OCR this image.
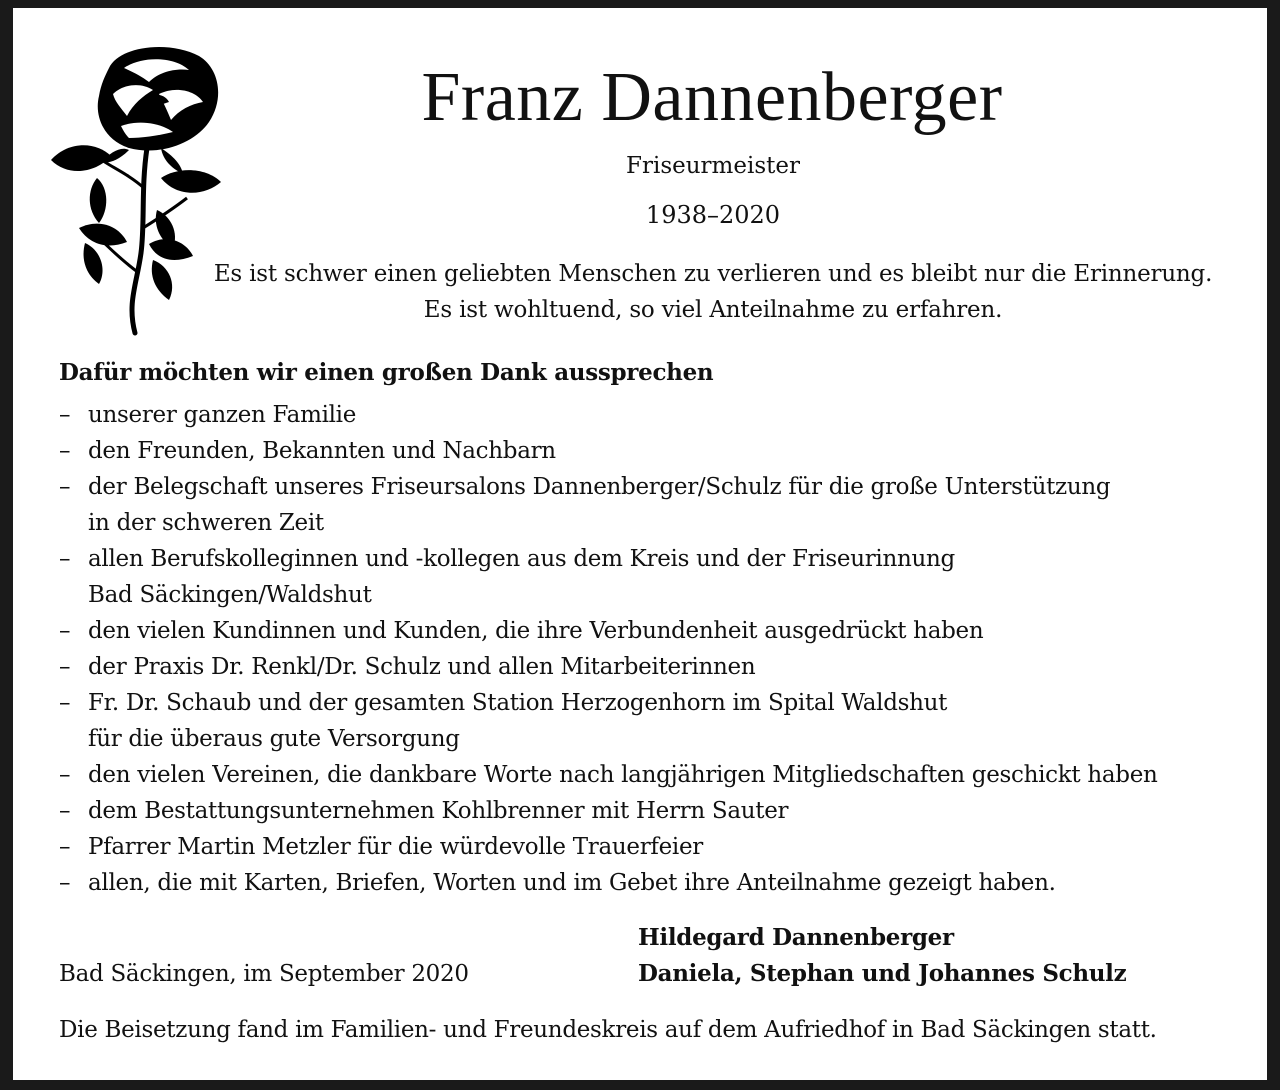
Franz Dannenberger
Friseurmeister
1938–2020
Es ist schwer einen geliebten Menschen zu verlieren und es bleibt nur die Erinnerung.
Es ist wohltuend, so viel Anteilnahme zu erfahren.
Dafür möchten wir einen großen Dank aussprechen
– unserer ganzen Familie
– den Freunden, Bekannten und Nachbarn
– der Belegschaft unseres Friseursalons Dannenberger/Schulz für die große Unterstützung
in der schweren Zeit
– allen Berufskolleginnen und -kollegen aus dem Kreis und der Friseurinnung
Bad Säckingen/Waldshut
– den vielen Kundinnen und Kunden, die ihre Verbundenheit ausgedrückt haben
– der Praxis Dr. Renkl/Dr. Schulz und allen Mitarbeiterinnen
– Fr. Dr. Schaub und der gesamten Station Herzogenhorn im Spital Waldshut
für die überaus gute Versorgung
– den vielen Vereinen, die dankbare Worte nach langjährigen Mitgliedschaften geschickt haben
– dem Bestattungsunternehmen Kohlbrenner mit Herrn Sauter
– Pfarrer Martin Metzler für die würdevolle Trauerfeier
– allen, die mit Karten, Briefen, Worten und im Gebet ihre Anteilnahme gezeigt haben.
Bad Säckingen, im September 2020
Hildegard Dannenberger
Daniela, Stephan und Johannes Schulz
Die Beisetzung fand im Familien- und Freundeskreis auf dem Aufriedhof in Bad Säckingen statt.
